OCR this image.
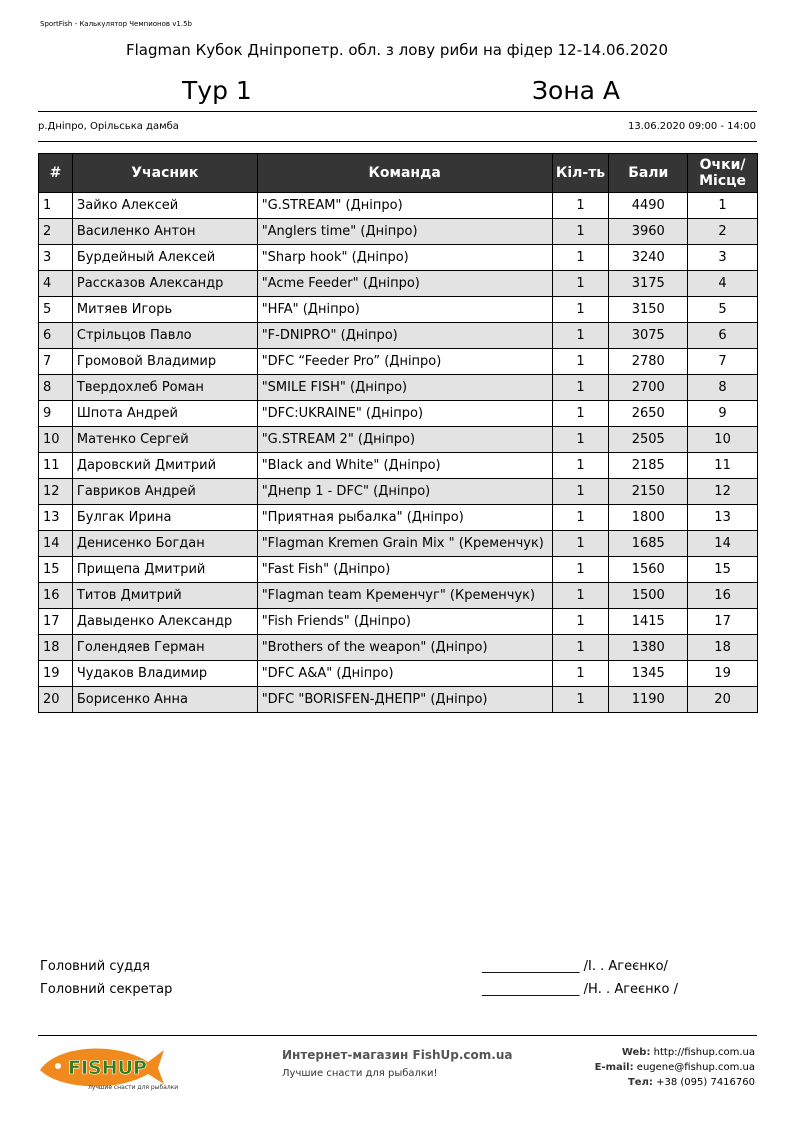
SportFish - Калькулятор Чемпионов v1.5b
Flagman Кубок Дніпропетр. обл. з лову риби на фідер 12-14.06.2020
Тур 1	Зона А
р.Дніпро, Орільська дамба	13.06.2020 09:00 - 14:00
#	Учасник	Команда	Кіл-ть	Бали	Очки/
Місце
1	Зайко Алексей	"G.STREAM" (Дніпро)	1	4490	1
2	Василенко Антон	"Anglers time" (Дніпро)	1	3960	2
3	Бурдейный Алексей	"Sharp hook" (Дніпро)	1	3240	3
4	Рассказов Александр	"Acme Feeder" (Дніпро)	1	3175	4
5	Митяев Игорь	"HFA" (Дніпро)	1	3150	5
6	Стрільцов Павло	"F-DNIPRO" (Дніпро)	1	3075	6
7	Громовой Владимир	"DFC “Feeder Pro” (Дніпро)	1	2780	7
8	Твердохлеб Роман	"SMILE FISH" (Дніпро)	1	2700	8
9	Шпота Андрей	"DFC:UKRAINE" (Дніпро)	1	2650	9
10	Матенко Сергей	"G.STREAM 2" (Дніпро)	1	2505	10
11	Даровский Дмитрий	"Black and White" (Дніпро)	1	2185	11
12	Гавриков Андрей	"Днепр 1 - DFC" (Дніпро)	1	2150	12
13	Булгак Ирина	"Приятная рыбалка" (Дніпро)	1	1800	13
14	Денисенко Богдан	"Flagman Kremen Grain Mix " (Кременчук)	1	1685	14
15	Прищепа Дмитрий	"Fast Fish" (Дніпро)	1	1560	15
16	Титов Дмитрий	"Flagman team Кременчуг" (Кременчук)	1	1500	16
17	Давыденко Александр	"Fish Friends" (Дніпро)	1	1415	17
18	Голендяев Герман	"Brothers of the weapon" (Дніпро)	1	1380	18
19	Чудаков Владимир	"DFC A&A" (Дніпро)	1	1345	19
20	Борисенко Анна	"DFC "BORISFEN-ДНЕПР" (Дніпро)	1	1190	20
Головний суддя	_______________ /І. . Агеєнко/
Головний секретар	_______________ /Н. . Агеєнко /
FISHUP
лучшие снасти для рыбалки
Интернет-магазин FishUp.com.ua
Лучшие снасти для рыбалки!
Web: http://fishup.com.ua
E-mail: eugene@fishup.com.ua
Тел: +38 (095) 7416760
